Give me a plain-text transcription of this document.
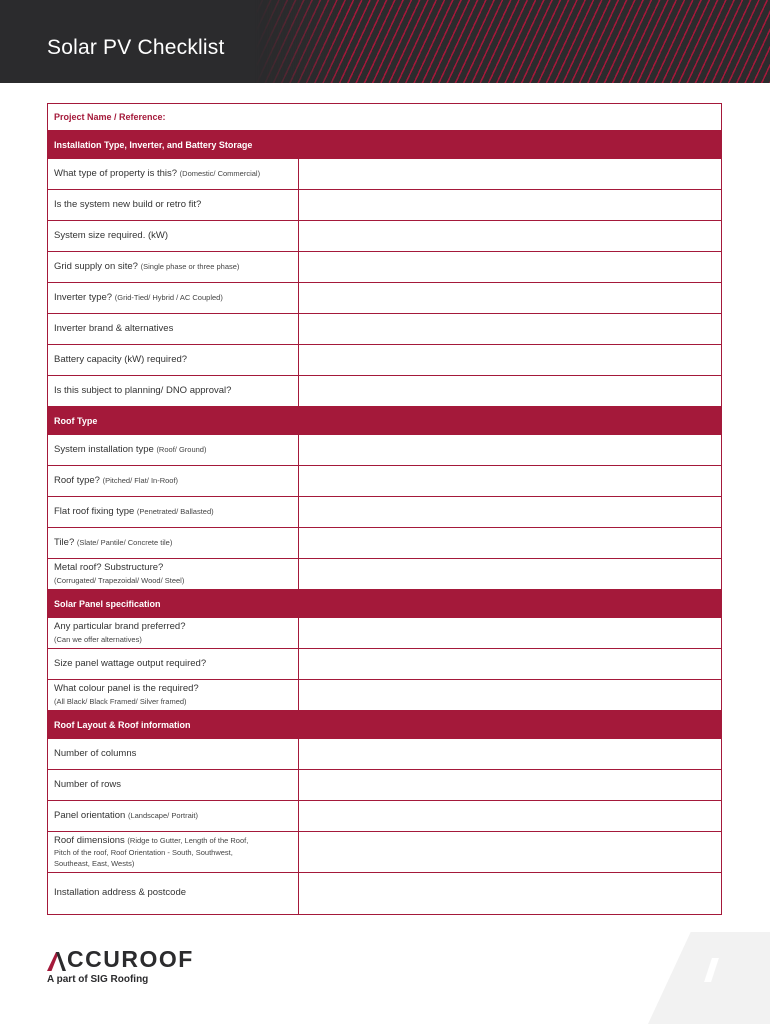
Solar PV Checklist
Project Name / Reference:
Installation Type, Inverter, and Battery Storage
What type of property is this? (Domestic/ Commercial)
Is the system new build or retro fit?
System size required. (kW)
Grid supply on site? (Single phase or three phase)
Inverter type? (Grid-Tied/ Hybrid / AC Coupled)
Inverter brand & alternatives
Battery capacity (kW) required?
Is this subject to planning/ DNO approval?
Roof Type
System installation type (Roof/ Ground)
Roof type? (Pitched/ Flat/ In-Roof)
Flat roof fixing type (Penetrated/ Ballasted)
Tile? (Slate/ Pantile/ Concrete tile)
Metal roof? Substructure?
(Corrugated/ Trapezoidal/ Wood/ Steel)
Solar Panel specification
Any particular brand preferred?
(Can we offer alternatives)
Size panel wattage output required?
What colour panel is the required?
(All Black/ Black Framed/ Silver framed)
Roof Layout & Roof information
Number of columns
Number of rows
Panel orientation (Landscape/ Portrait)
Roof dimensions (Ridge to Gutter, Length of the Roof,
Pitch of the roof, Roof Orientation - South, Southwest,
Southeast, East, Wests)
Installation address & postcode
CCUROOF
A part of SIG Roofing
